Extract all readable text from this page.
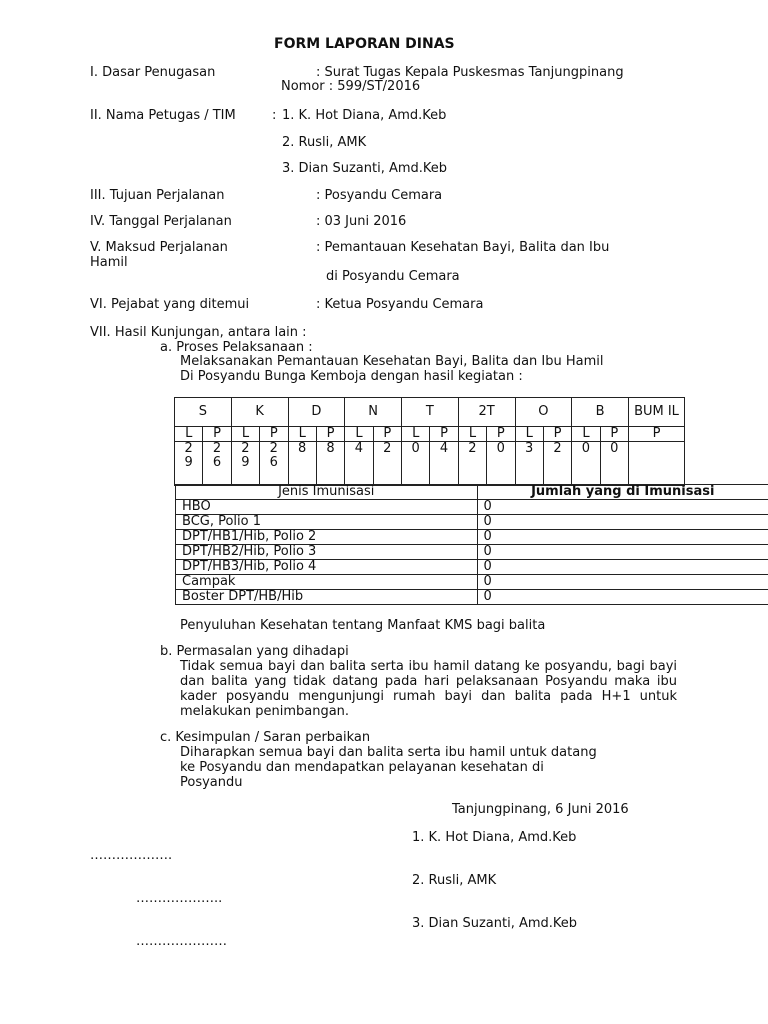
FORM LAPORAN DINAS
I. Dasar Penugasan	: Surat Tugas Kepala Puskesmas Tanjungpinang
Nomor : 599/ST/2016
II. Nama Petugas / TIM	: 1. K. Hot Diana, Amd.Keb
2. Rusli, AMK
3. Dian Suzanti, Amd.Keb
III. Tujuan Perjalanan	: Posyandu Cemara
IV. Tanggal Perjalanan	: 03 Juni 2016
V. Maksud Perjalanan	: Pemantauan Kesehatan Bayi, Balita dan Ibu
Hamil
di Posyandu Cemara
VI. Pejabat yang ditemui	: Ketua Posyandu Cemara
VII. Hasil Kunjungan, antara lain :
a. Proses Pelaksanaan :
Melaksanakan Pemantauan Kesehatan Bayi, Balita dan Ibu Hamil
Di Posyandu Bunga Kemboja dengan hasil kegiatan :
S		K		D		N		T		2T		O		B		BUM IL
L	P	L	P	L	P	L	P	L	P	L	P	L	P	L	P	P
2 9	2 6	2 9	2 6	8	8	4	2	0	4	2	0	3	2	0	0	
Jenis Imunisasi	Jumlah yang di Imunisasi
HBO	0
BCG, Polio 1	0
DPT/HB1/Hib, Polio 2	0
DPT/HB2/Hib, Polio 3	0
DPT/HB3/Hib, Polio 4	0
Campak	0
Boster DPT/HB/Hib	0
Penyuluhan Kesehatan tentang Manfaat KMS bagi balita
b. Permasalan yang dihadapi
Tidak semua bayi dan balita serta ibu hamil datang ke posyandu, bagi bayi dan balita yang tidak datang pada hari pelaksanaan Posyandu maka ibu kader posyandu mengunjungi rumah bayi dan balita pada H+1 untuk melakukan penimbangan.
c. Kesimpulan / Saran perbaikan
Diharapkan semua bayi dan balita serta ibu hamil untuk datang
ke Posyandu dan mendapatkan pelayanan kesehatan di
Posyandu
Tanjungpinang, 6 Juni 2016
1. K. Hot Diana, Amd.Keb
……………….
2. Rusli, AMK
………………..
3. Dian Suzanti, Amd.Keb
…………………
